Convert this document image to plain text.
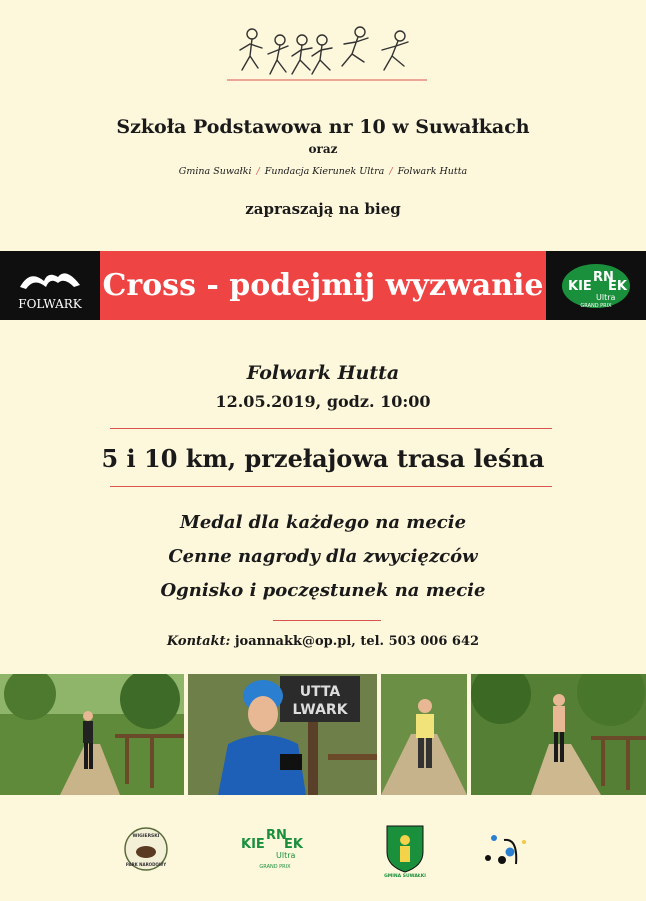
Szkoła Podstawowa nr 10 w Suwałkach
oraz
Gmina Suwałki / Fundacja Kierunek Ultra / Folwark Hutta
zapraszają na bieg
FOLWARK
Cross - podejmij wyzwanie KIE
RN
EK
Ultra
GRAND PRIX
Folwark Hutta
12.05.2019, godz. 10:00
5 i 10 km, przełajowa trasa leśna
Medal dla każdego na mecie
Cenne nagrody dla zwycięzców
Ognisko i poczęstunek na mecie
Kontakt: joannakk@op.pl, tel. 503 006 642
UTTA
LWARK
WIGIERSKI
PARK NARODOWY
KIE
RN
EK
Ultra
GRAND PRIX
GMINA SUWAŁKI
